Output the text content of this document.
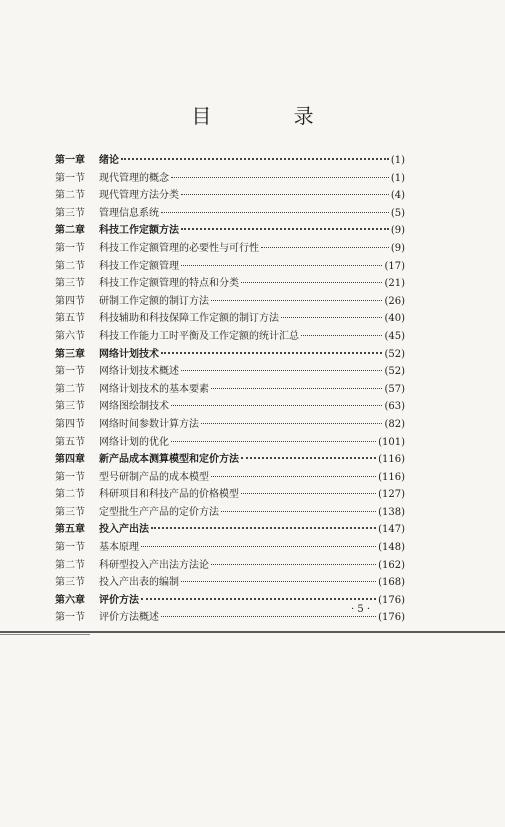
目 录
第一章	绪论	(1)
第一节	现代管理的概念	(1)
第二节	现代管理方法分类	(4)
第三节	管理信息系统	(5)
第二章	科技工作定额方法	(9)
第一节	科技工作定额管理的必要性与可行性	(9)
第二节	科技工作定额管理	(17)
第三节	科技工作定额管理的特点和分类	(21)
第四节	研制工作定额的制订方法	(26)
第五节	科技辅助和科技保障工作定额的制订方法	(40)
第六节	科技工作能力工时平衡及工作定额的统计汇总	(45)
第三章	网络计划技术	(52)
第一节	网络计划技术概述	(52)
第二节	网络计划技术的基本要素	(57)
第三节	网络图绘制技术	(63)
第四节	网络时间参数计算方法	(82)
第五节	网络计划的优化	(101)
第四章	新产品成本测算模型和定价方法	(116)
第一节	型号研制产品的成本模型	(116)
第二节	科研项目和科技产品的价格模型	(127)
第三节	定型批生产产品的定价方法	(138)
第五章	投入产出法	(147)
第一节	基本原理	(148)
第二节	科研型投入产出法方法论	(162)
第三节	投入产出表的编制	(168)
第六章	评价方法	(176)
第一节	评价方法概述	(176)
· 5 ·
